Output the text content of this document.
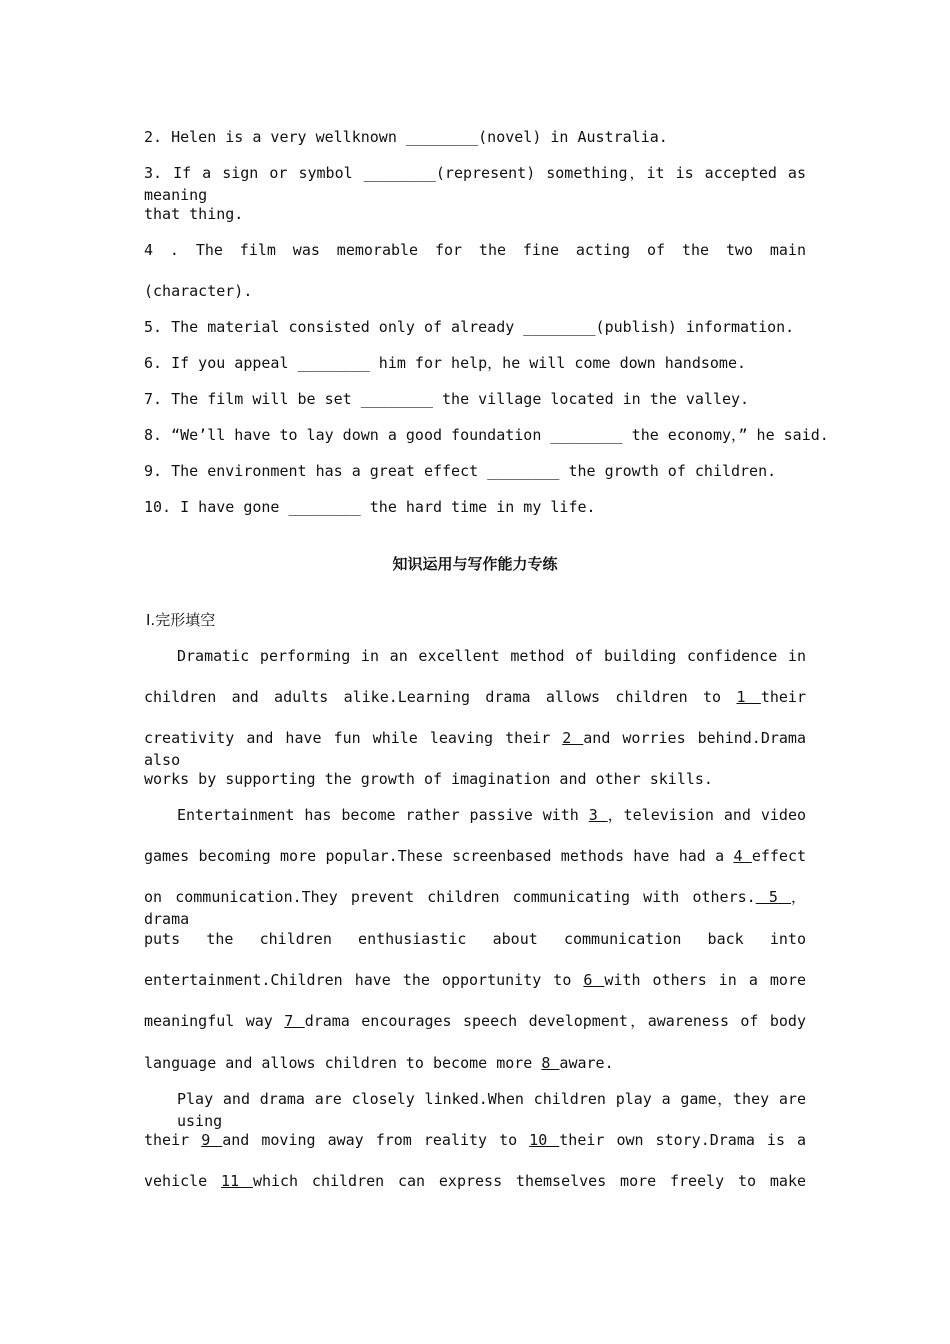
2. Helen is a very wellknown ________(novel) in Australia.
3. If a sign or symbol ________(represent) something，it is accepted as meaning
that thing.
4 . The film was memorable for the fine acting of the two main
(character).
5. The material consisted only of already ________(publish) information.
6. If you appeal ________ him for help，he will come down handsome.
7. The film will be set ________ the village located in the valley.
8. “We’ll have to lay down a good foundation ________ the economy，” he said.
9. The environment has a great effect ________ the growth of children.
10. I have gone ________ the hard time in my life.
知识运用与写作能力专练
Ⅰ.完形填空
Dramatic performing in an excellent method of building confidence in
children and adults alike.Learning drama allows children to 1 their
creativity and have fun while leaving their 2 and worries behind.Drama also
works by supporting the growth of imagination and other skills.
Entertainment has become rather passive with 3 ，television and video
games becoming more popular.These screenbased methods have had a 4 effect
on communication.They prevent children communicating with others. 5 ，drama
puts the children enthusiastic about communication back into
entertainment.Children have the opportunity to 6 with others in a more
meaningful way 7 drama encourages speech development，awareness of body
language and allows children to become more 8 aware.
Play and drama are closely linked.When children play a game，they are using
their 9 and moving away from reality to 10 their own story.Drama is a
vehicle 11 which children can express themselves more freely to make
